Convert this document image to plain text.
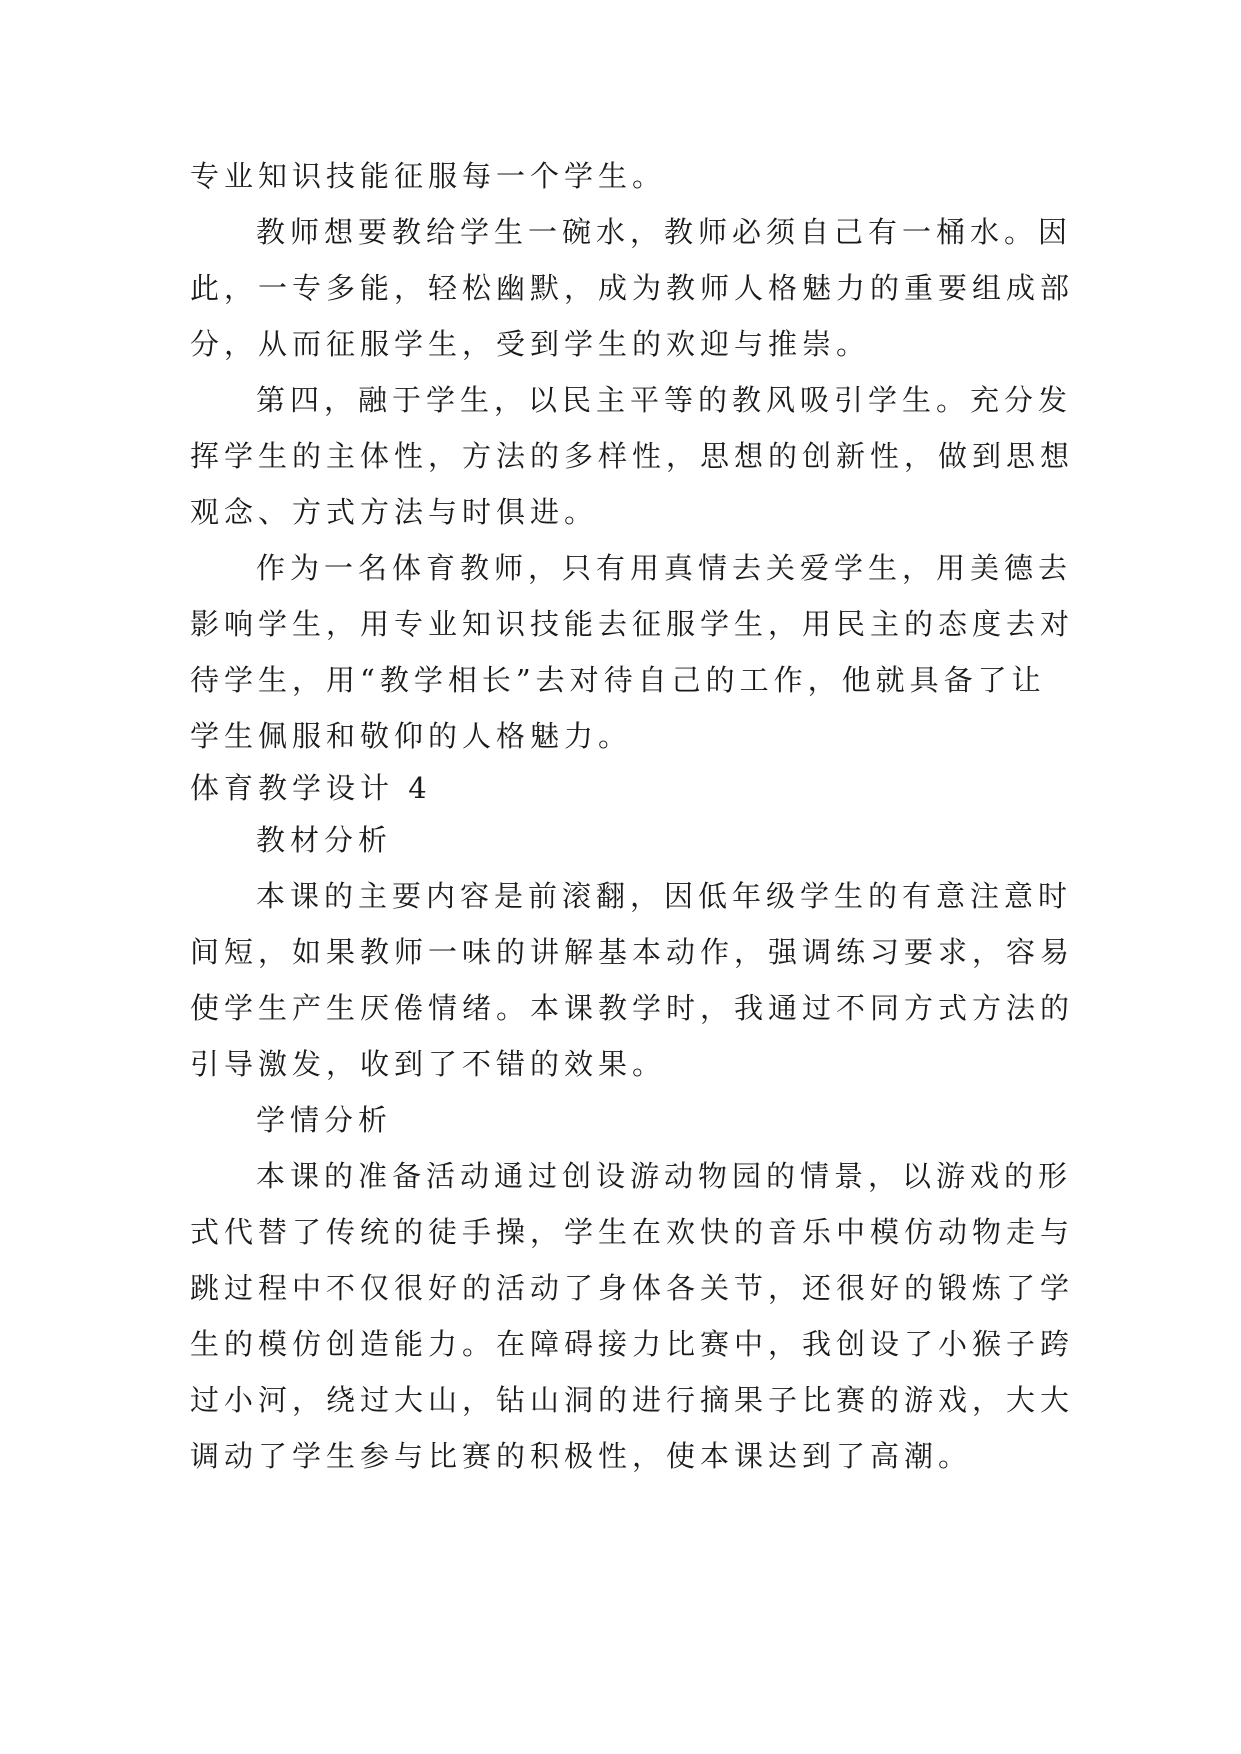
专业知识技能征服每一个学生。
教师想要教给学生一碗水，教师必须自己有一桶水。因
此，一专多能，轻松幽默，成为教师人格魅力的重要组成部
分，从而征服学生，受到学生的欢迎与推崇。
第四，融于学生，以民主平等的教风吸引学生。充分发
挥学生的主体性，方法的多样性，思想的创新性，做到思想
观念、方式方法与时俱进。
作为一名体育教师，只有用真情去关爱学生，用美德去
影响学生，用专业知识技能去征服学生，用民主的态度去对
待学生，用“教学相长”去对待自己的工作，他就具备了让
学生佩服和敬仰的人格魅力。
体育教学设计 4
教材分析
本课的主要内容是前滚翻，因低年级学生的有意注意时
间短，如果教师一味的讲解基本动作，强调练习要求，容易
使学生产生厌倦情绪。本课教学时，我通过不同方式方法的
引导激发，收到了不错的效果。
学情分析
本课的准备活动通过创设游动物园的情景，以游戏的形
式代替了传统的徒手操，学生在欢快的音乐中模仿动物走与
跳过程中不仅很好的活动了身体各关节，还很好的锻炼了学
生的模仿创造能力。在障碍接力比赛中，我创设了小猴子跨
过小河，绕过大山，钻山洞的进行摘果子比赛的游戏，大大
调动了学生参与比赛的积极性，使本课达到了高潮。
